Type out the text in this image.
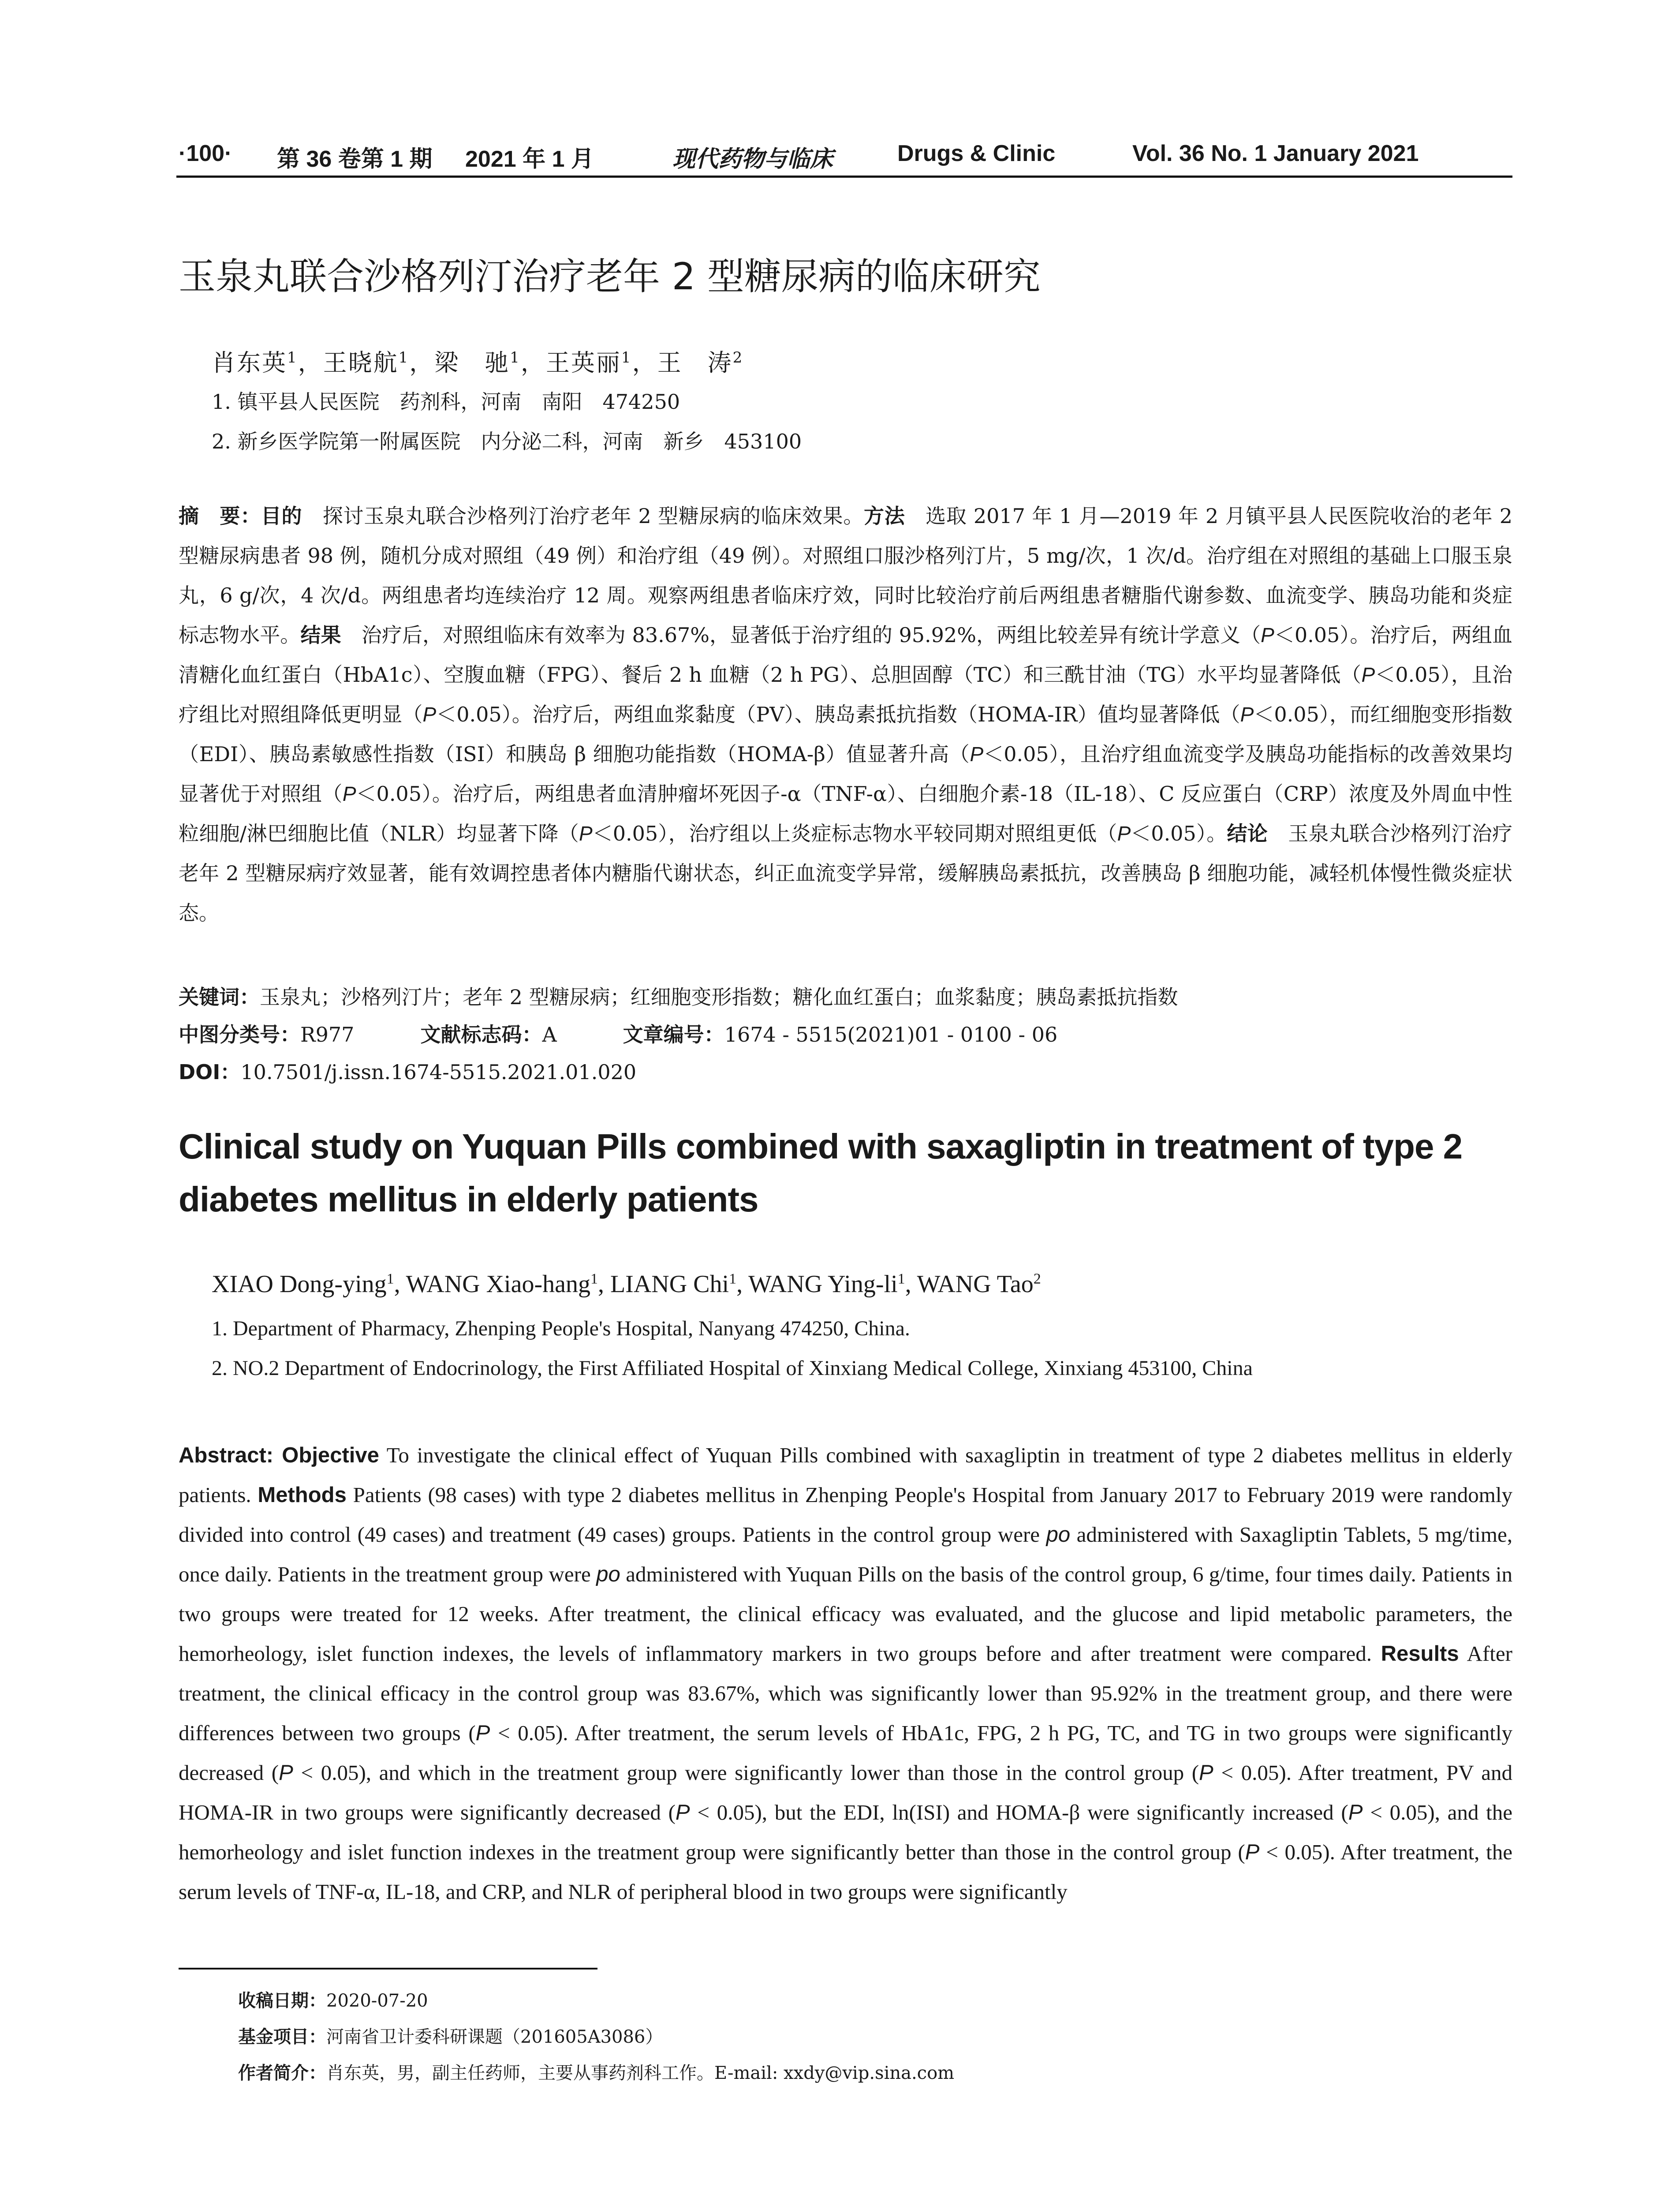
·100· 第 36 卷第 1 期 2021 年 1 月	现代药物与临床	Drugs & Clinic	Vol. 36 No. 1 January 2021
玉泉丸联合沙格列汀治疗老年 2 型糖尿病的临床研究
肖东英$^1$，王晓航$^1$，梁　驰$^1$，王英丽$^1$，王　涛$^2$
1. 镇平县人民医院　药剂科，河南　南阳　474250
2. 新乡医学院第一附属医院　内分泌二科，河南　新乡　453100

摘　要：目的　探讨玉泉丸联合沙格列汀治疗老年 2 型糖尿病的临床效果。方法　选取 2017 年 1 月—2019 年 2 月镇平县人民医院收治的老年 2 型糖尿病患者 98 例，随机分成对照组（49 例）和治疗组（49 例）。对照组口服沙格列汀片，5 mg/次，1 次/d。治疗组在对照组的基础上口服玉泉丸，6 g/次，4 次/d。两组患者均连续治疗 12 周。观察两组患者临床疗效，同时比较治疗前后两组患者糖脂代谢参数、血流变学、胰岛功能和炎症标志物水平。结果　治疗后，对照组临床有效率为 83.67%，显著低于治疗组的 95.92%，两组比较差异有统计学意义（P＜0.05）。治疗后，两组血清糖化血红蛋白（HbA1c）、空腹血糖（FPG）、餐后 2 h 血糖（2 h PG）、总胆固醇（TC）和三酰甘油（TG）水平均显著降低（P＜0.05），且治疗组比对照组降低更明显（P＜0.05）。治疗后，两组血浆黏度（PV）、胰岛素抵抗指数（HOMA-IR）值均显著降低（P＜0.05），而红细胞变形指数（EDI）、胰岛素敏感性指数（ISI）和胰岛 β 细胞功能指数（HOMA-β）值显著升高（P＜0.05），且治疗组血流变学及胰岛功能指标的改善效果均显著优于对照组（P＜0.05）。治疗后，两组患者血清肿瘤坏死因子-α（TNF-α）、白细胞介素-18（IL-18）、C 反应蛋白（CRP）浓度及外周血中性粒细胞/淋巴细胞比值（NLR）均显著下降（P＜0.05），治疗组以上炎症标志物水平较同期对照组更低（P＜0.05）。结论　玉泉丸联合沙格列汀治疗老年 2 型糖尿病疗效显著，能有效调控患者体内糖脂代谢状态，纠正血流变学异常，缓解胰岛素抵抗，改善胰岛 β 细胞功能，减轻机体慢性微炎症状态。

关键词：玉泉丸；沙格列汀片；老年 2 型糖尿病；红细胞变形指数；糖化血红蛋白；血浆黏度；胰岛素抵抗指数
中图分类号：R977	文献标志码：A	文章编号：1674 - 5515(2021)01 - 0100 - 06
DOI：10.7501/j.issn.1674-5515.2021.01.020

Clinical study on Yuquan Pills combined with saxagliptin in treatment of type 2 diabetes mellitus in elderly patients

XIAO Dong-ying$^1$, WANG Xiao-hang$^1$, LIANG Chi$^1$, WANG Ying-$li^1$, WANG Tao$^2$
1. Department of Pharmacy, Zhenping People's Hospital, Nanyang 474250, China.
2. NO.2 Department of Endocrinology, the First Affiliated Hospital of Xinxiang Medical College, Xinxiang 453100, China

Abstract: Objective To investigate the clinical effect of Yuquan Pills combined with saxagliptin in treatment of type 2 diabetes mellitus in elderly patients. Methods Patients (98 cases) with type 2 diabetes mellitus in Zhenping People's Hospital from January 2017 to February 2019 were randomly divided into control (49 cases) and treatment (49 cases) groups. Patients in the control group were po administered with Saxagliptin Tablets, 5 mg/time, once daily. Patients in the treatment group were po administered with Yuquan Pills on the basis of the control group, 6 g/time, four times daily. Patients in two groups were treated for 12 weeks. After treatment, the clinical efficacy was evaluated, and the glucose and lipid metabolic parameters, the hemorheology, islet function indexes, the levels of inflammatory markers in two groups before and after treatment were compared. Results After treatment, the clinical efficacy in the control group was 83.67%, which was significantly lower than 95.92% in the treatment group, and there were differences between two groups (P < 0.05). After treatment, the serum levels of HbA1c, FPG, 2 h PG, TC, and TG in two groups were significantly decreased (P < 0.05), and which in the treatment group were significantly lower than those in the control group (P < 0.05). After treatment, PV and HOMA-IR in two groups were significantly decreased (P < 0.05), but the EDI, ln(ISI) and HOMA-β were significantly increased (P < 0.05), and the hemorheology and islet function indexes in the treatment group were significantly better than those in the control group (P < 0.05). After treatment, the serum levels of TNF-α, IL-18, and CRP, and NLR of peripheral blood in two groups were significantly

收稿日期：2020-07-20
基金项目：河南省卫计委科研课题（201605A3086）
作者简介：肖东英，男，副主任药师，主要从事药剂科工作。E-mail: xxdy@vip.sina.com
